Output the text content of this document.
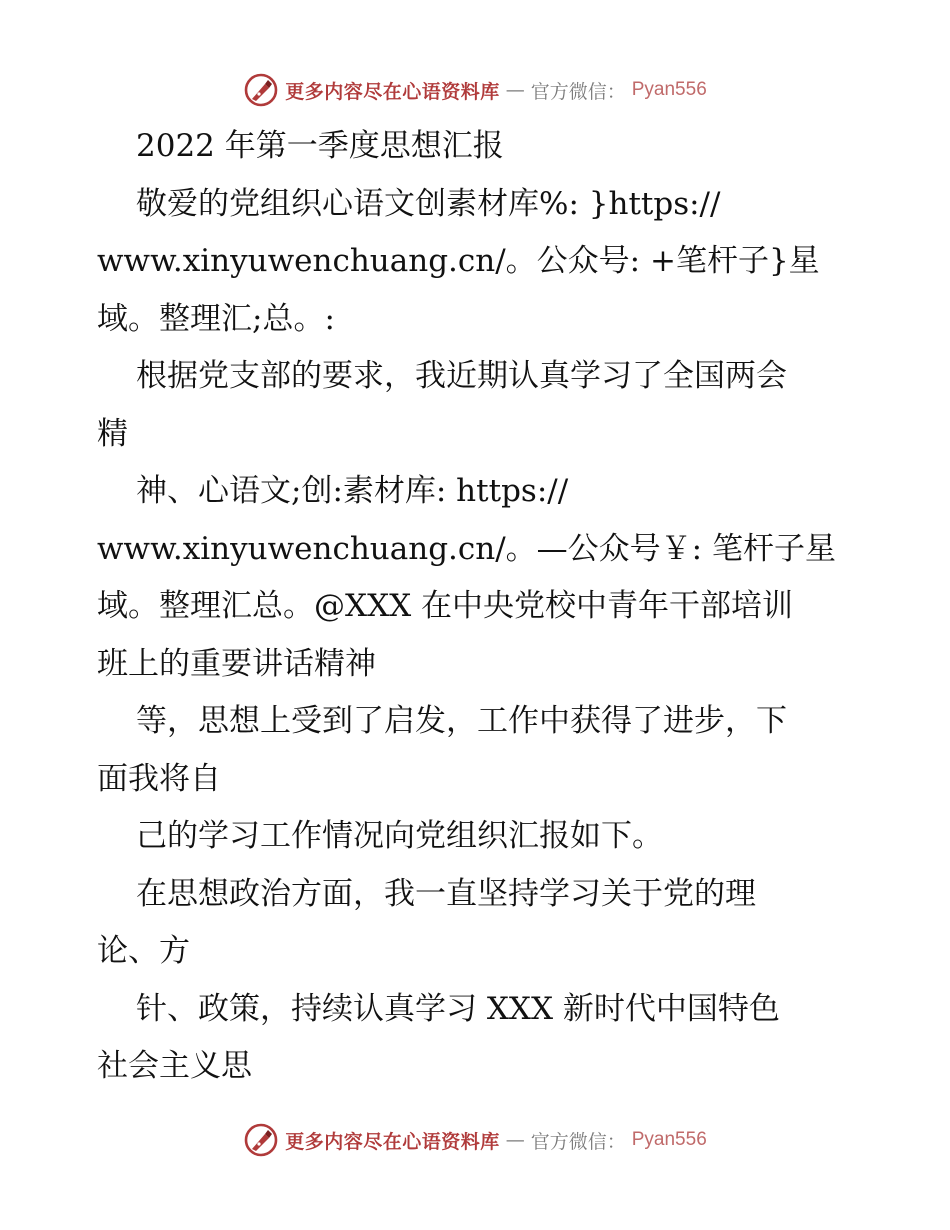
更多内容尽在心语资料库 — 官方微信： Pyan556
2022 年第一季度思想汇报
敬爱的党组织心语文创素材库%: }https://
www.xinyuwenchuang.cn/。公众号: +笔杆子}星
域。整理汇;总。:
根据党支部的要求，我近期认真学习了全国两会
精
神、心语文;创:素材库: https://
www.xinyuwenchuang.cn/。—公众号￥: 笔杆子星
域。整理汇总。@XXX 在中央党校中青年干部培训
班上的重要讲话精神
等，思想上受到了启发，工作中获得了进步，下
面我将自
己的学习工作情况向党组织汇报如下。
在思想政治方面，我一直坚持学习关于党的理
论、方
针、政策，持续认真学习 XXX 新时代中国特色
社会主义思
更多内容尽在心语资料库 — 官方微信： Pyan556
